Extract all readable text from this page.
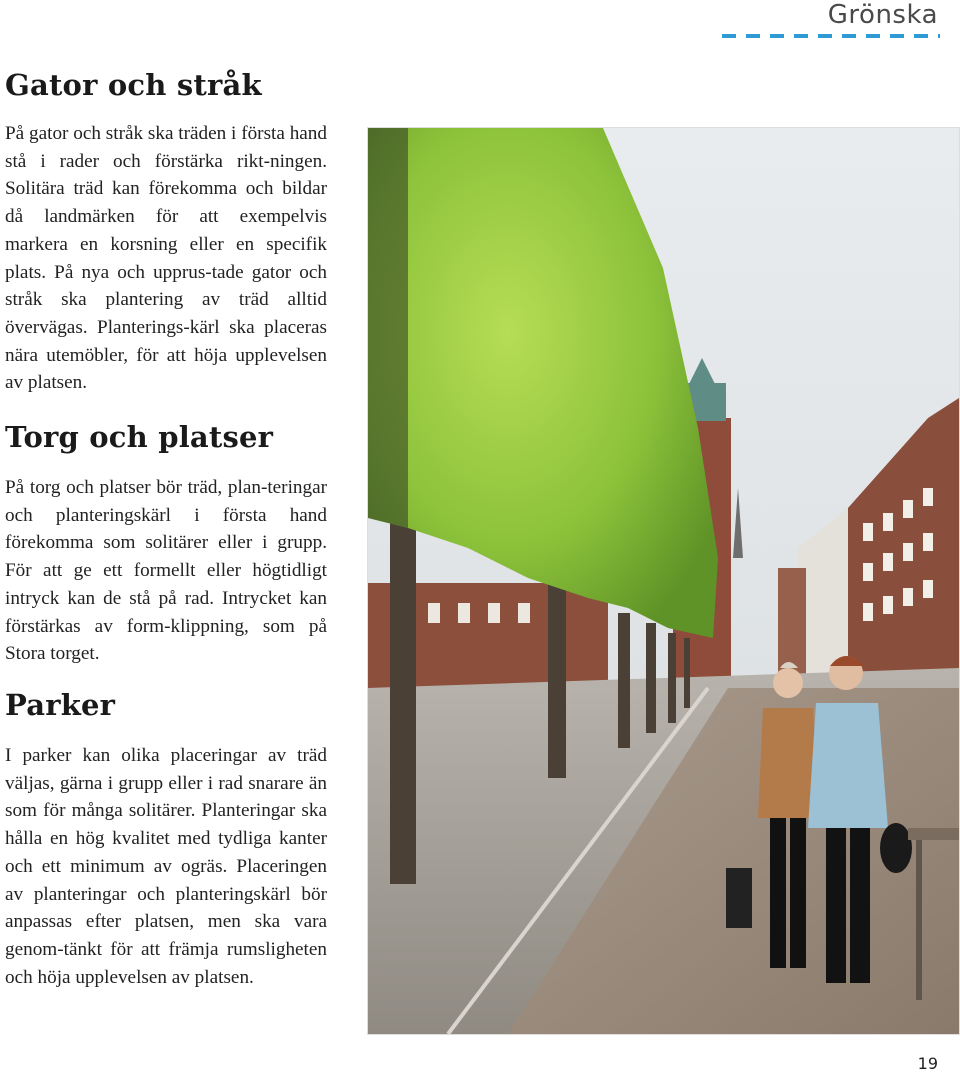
Grönska
Gator och stråk

På gator och stråk ska träden i första hand stå i rader och förstärka rikt-ningen. Solitära träd kan förekomma och bildar då landmärken för att exempelvis markera en korsning eller en specifik plats. På nya och upprus-tade gator och stråk ska plantering av träd alltid övervägas. Planterings-kärl ska placeras nära utemöbler, för att höja upplevelsen av platsen.

Torg och platser

På torg och platser bör träd, plan-teringar och planteringskärl i första hand förekomma som solitärer eller i grupp. För att ge ett formellt eller högtidligt intryck kan de stå på rad. Intrycket kan förstärkas av form-klippning, som på Stora torget.

Parker

I parker kan olika placeringar av träd väljas, gärna i grupp eller i rad snarare än som för många solitärer. Planteringar ska hålla en hög kvalitet med tydliga kanter och ett minimum av ogräs. Placeringen av planteringar och planteringskärl bör anpassas efter platsen, men ska vara genom-tänkt för att främja rumsligheten och höja upplevelsen av platsen.

19
